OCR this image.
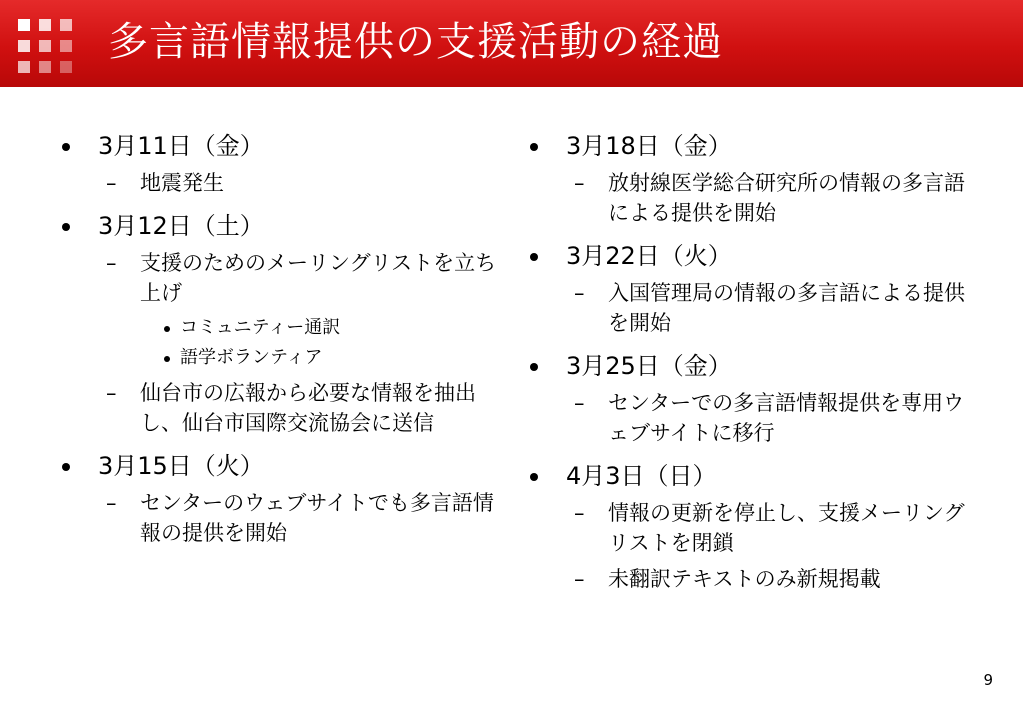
多言語情報提供の支援活動の経過
3月11日（金）
– 地震発生
3月12日（土）
– 支援のためのメーリングリストを立ち上げ
コミュニティー通訳
語学ボランティア
– 仙台市の広報から必要な情報を抽出し、仙台市国際交流協会に送信
3月15日（火）
– センターのウェブサイトでも多言語情報の提供を開始
3月18日（金）
– 放射線医学総合研究所の情報の多言語による提供を開始
3月22日（火）
– 入国管理局の情報の多言語による提供を開始
3月25日（金）
– センターでの多言語情報提供を専用ウェブサイトに移行
4月3日（日）
– 情報の更新を停止し、支援メーリングリストを閉鎖
– 未翻訳テキストのみ新規掲載
9
